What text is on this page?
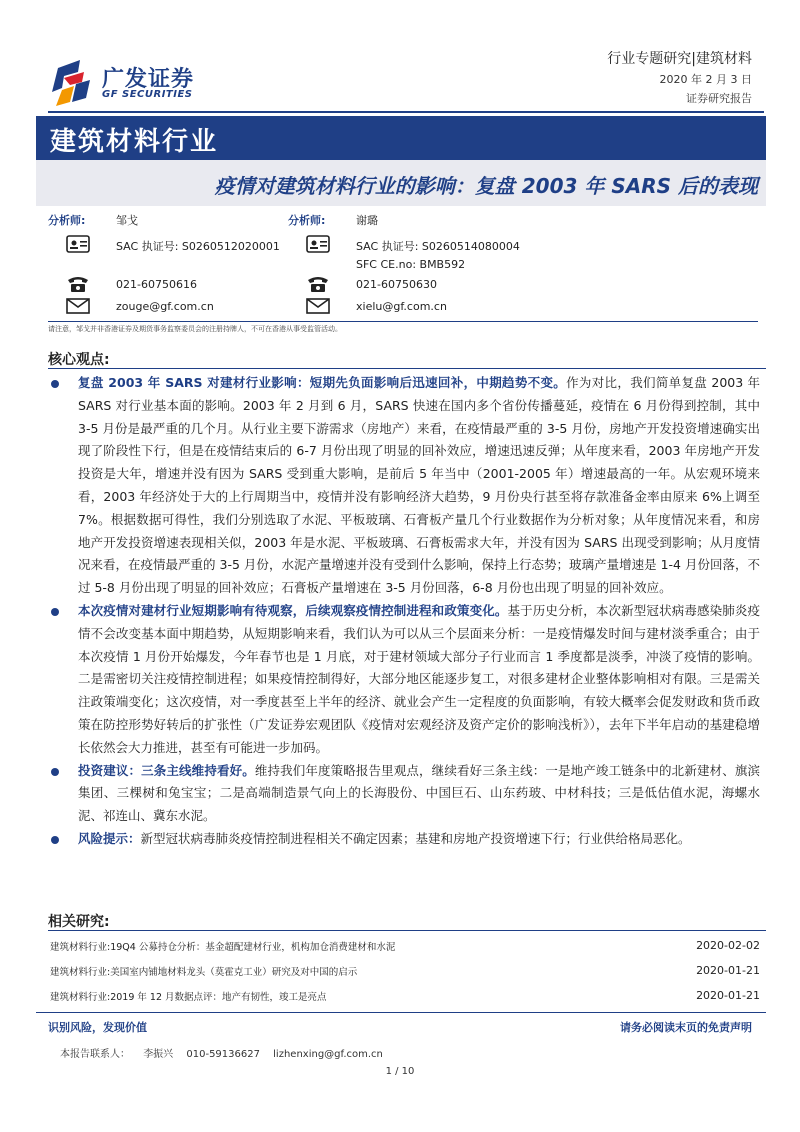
广发证券
GF SECURITIES
行业专题研究|建筑材料
2020 年 2 月 3 日
证券研究报告
建筑材料行业
疫情对建筑材料行业的影响：复盘 2003 年 SARS 后的表现
分析师:	邹戈
SAC 执证号: S0260512020001
021-60750616
zouge@gf.com.cn
分析师:	谢璐
SAC 执证号: S0260514080004
SFC CE.no: BMB592
021-60750630
xielu@gf.com.cn
请注意，邹戈并非香港证券及期货事务监察委员会的注册持牌人，不可在香港从事受监管活动。
核心观点:
复盘 2003 年 SARS 对建材行业影响：短期先负面影响后迅速回补，中期趋势不变。作为对比，我们简单复盘 2003 年 SARS 对行业基本面的影响。2003 年 2 月到 6 月，SARS 快速在国内多个省份传播蔓延，疫情在 6 月份得到控制，其中 3-5 月份是最严重的几个月。从行业主要下游需求（房地产）来看，在疫情最严重的 3-5 月份，房地产开发投资增速确实出现了阶段性下行，但是在疫情结束后的 6-7 月份出现了明显的回补效应，增速迅速反弹；从年度来看，2003 年房地产开发投资是大年，增速并没有因为 SARS 受到重大影响，是前后 5 年当中（2001-2005 年）增速最高的一年。从宏观环境来看，2003 年经济处于大的上行周期当中，疫情并没有影响经济大趋势，9 月份央行甚至将存款准备金率由原来 6%上调至 7%。根据数据可得性，我们分别选取了水泥、平板玻璃、石膏板产量几个行业数据作为分析对象；从年度情况来看，和房地产开发投资增速表现相关似，2003 年是水泥、平板玻璃、石膏板需求大年，并没有因为 SARS 出现受到影响；从月度情况来看，在疫情最严重的 3-5 月份，水泥产量增速并没有受到什么影响，保持上行态势；玻璃产量增速是 1-4 月份回落，不过 5-8 月份出现了明显的回补效应；石膏板产量增速在 3-5 月份回落，6-8 月份也出现了明显的回补效应。
本次疫情对建材行业短期影响有待观察，后续观察疫情控制进程和政策变化。基于历史分析，本次新型冠状病毒感染肺炎疫情不会改变基本面中期趋势，从短期影响来看，我们认为可以从三个层面来分析：一是疫情爆发时间与建材淡季重合；由于本次疫情 1 月份开始爆发，今年春节也是 1 月底，对于建材领域大部分子行业而言 1 季度都是淡季，冲淡了疫情的影响。二是需密切关注疫情控制进程；如果疫情控制得好，大部分地区能逐步复工，对很多建材企业整体影响相对有限。三是需关注政策端变化；这次疫情，对一季度甚至上半年的经济、就业会产生一定程度的负面影响，有较大概率会促发财政和货币政策在防控形势好转后的扩张性（广发证券宏观团队《疫情对宏观经济及资产定价的影响浅析》），去年下半年启动的基建稳增长依然会大力推进，甚至有可能进一步加码。
投资建议：三条主线维持看好。维持我们年度策略报告里观点，继续看好三条主线：一是地产竣工链条中的北新建材、旗滨集团、三棵树和兔宝宝；二是高端制造景气向上的长海股份、中国巨石、山东药玻、中材科技；三是低估值水泥，海螺水泥、祁连山、冀东水泥。
风险提示：新型冠状病毒肺炎疫情控制进程相关不确定因素；基建和房地产投资增速下行；行业供给格局恶化。
相关研究:
建筑材料行业:19Q4 公募持仓分析：基金超配建材行业，机构加仓消费建材和水泥	2020-02-02
建筑材料行业:美国室内铺地材料龙头（莫霍克工业）研究及对中国的启示	2020-01-21
建筑材料行业:2019 年 12 月数据点评：地产有韧性，竣工是亮点	2020-01-21
识别风险，发现价值	请务必阅读末页的免责声明
本报告联系人： 李振兴 010-59136627 lizhenxing@gf.com.cn
1 / 10
